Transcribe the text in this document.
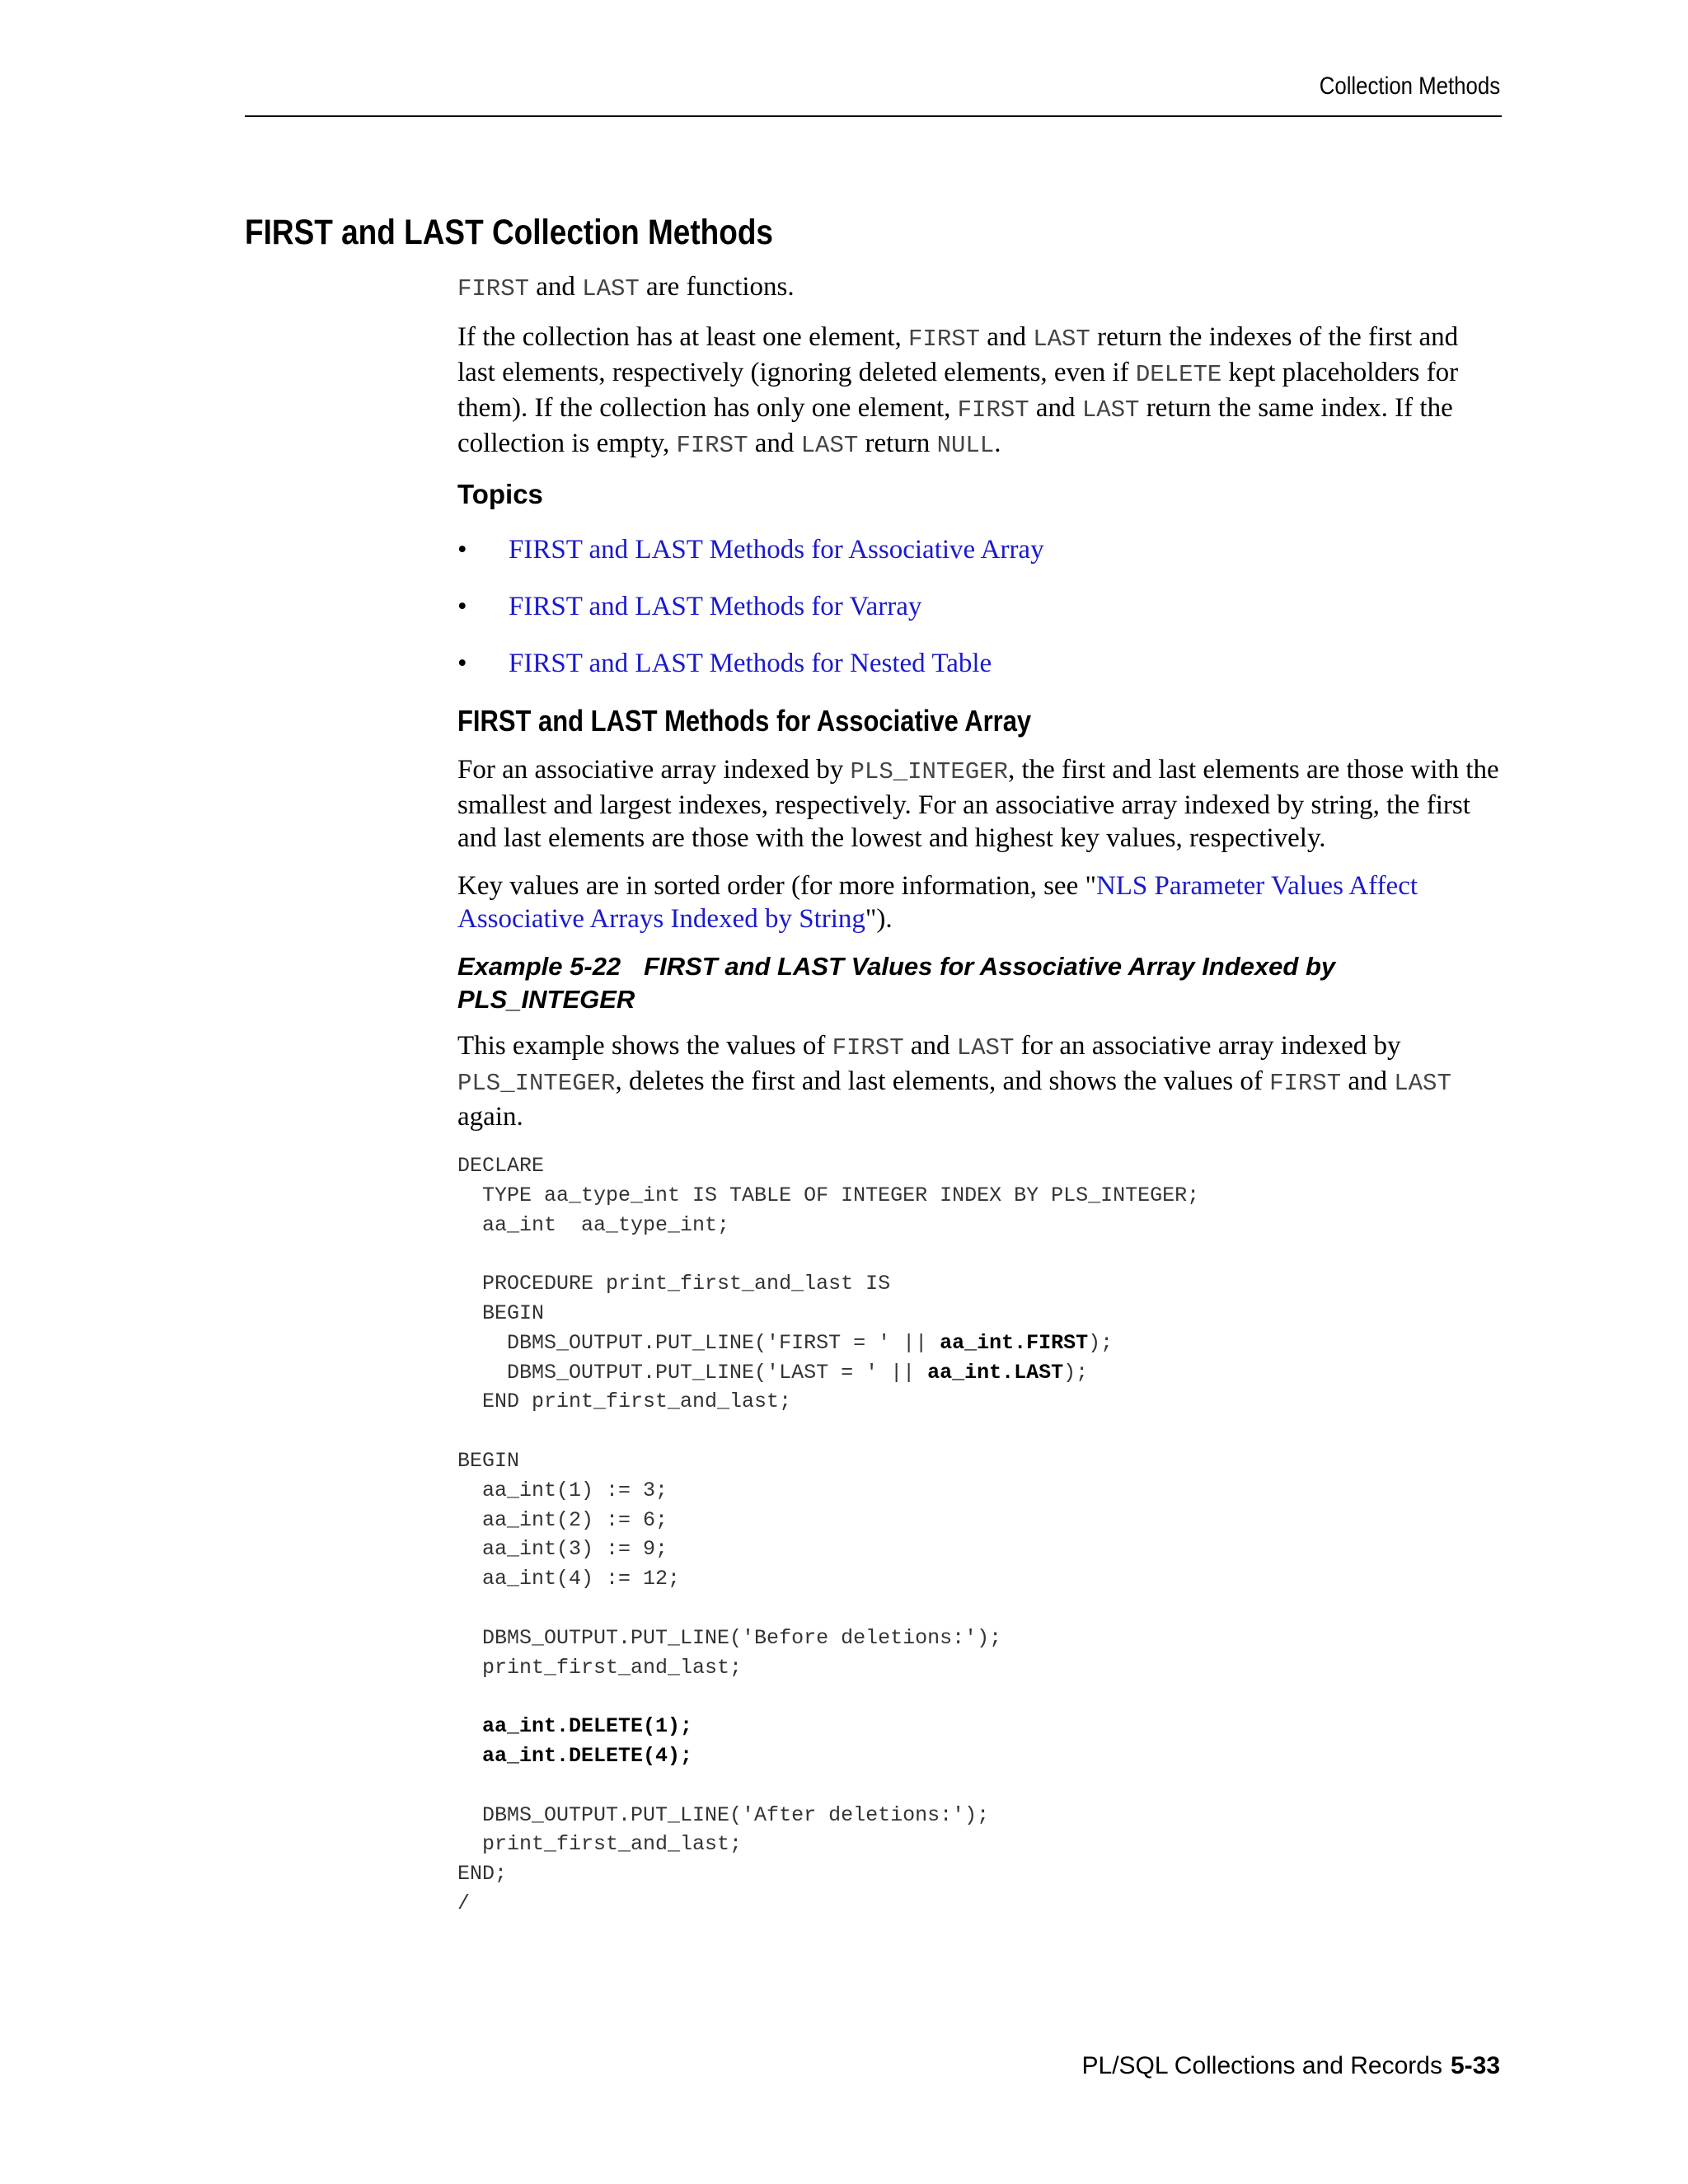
Collection Methods
FIRST and LAST Collection Methods

FIRST and LAST are functions.

If the collection has at least one element, FIRST and LAST return the indexes of the first and last elements, respectively (ignoring deleted elements, even if DELETE kept placeholders for them). If the collection has only one element, FIRST and LAST return the same index. If the collection is empty, FIRST and LAST return NULL.

Topics
•	FIRST and LAST Methods for Associative Array
•	FIRST and LAST Methods for Varray
•	FIRST and LAST Methods for Nested Table
FIRST and LAST Methods for Associative Array

For an associative array indexed by PLS_INTEGER, the first and last elements are those with the smallest and largest indexes, respectively. For an associative array indexed by string, the first and last elements are those with the lowest and highest key values, respectively.

Key values are in sorted order (for more information, see "NLS Parameter Values Affect Associative Arrays Indexed by String").

Example 5-22 FIRST and LAST Values for Associative Array Indexed by PLS_INTEGER

This example shows the values of FIRST and LAST for an associative array indexed by PLS_INTEGER, deletes the first and last elements, and shows the values of FIRST and LAST again.

DECLARE
TYPE aa_type_int IS TABLE OF INTEGER INDEX BY PLS_INTEGER;
aa_int  aa_type_int;

PROCEDURE print_first_and_last IS
BEGIN
DBMS_OUTPUT.PUT_LINE('FIRST = ' || aa_int.FIRST);
DBMS_OUTPUT.PUT_LINE('LAST = ' || aa_int.LAST);
END print_first_and_last;

BEGIN
aa_int(1) := 3;
aa_int(2) := 6;
aa_int(3) := 9;
aa_int(4) := 12;

DBMS_OUTPUT.PUT_LINE('Before deletions:');
print_first_and_last;

aa_int.DELETE(1);
aa_int.DELETE(4);

DBMS_OUTPUT.PUT_LINE('After deletions:');
print_first_and_last;
END;
/
PL/SQL Collections and Records 5-33
